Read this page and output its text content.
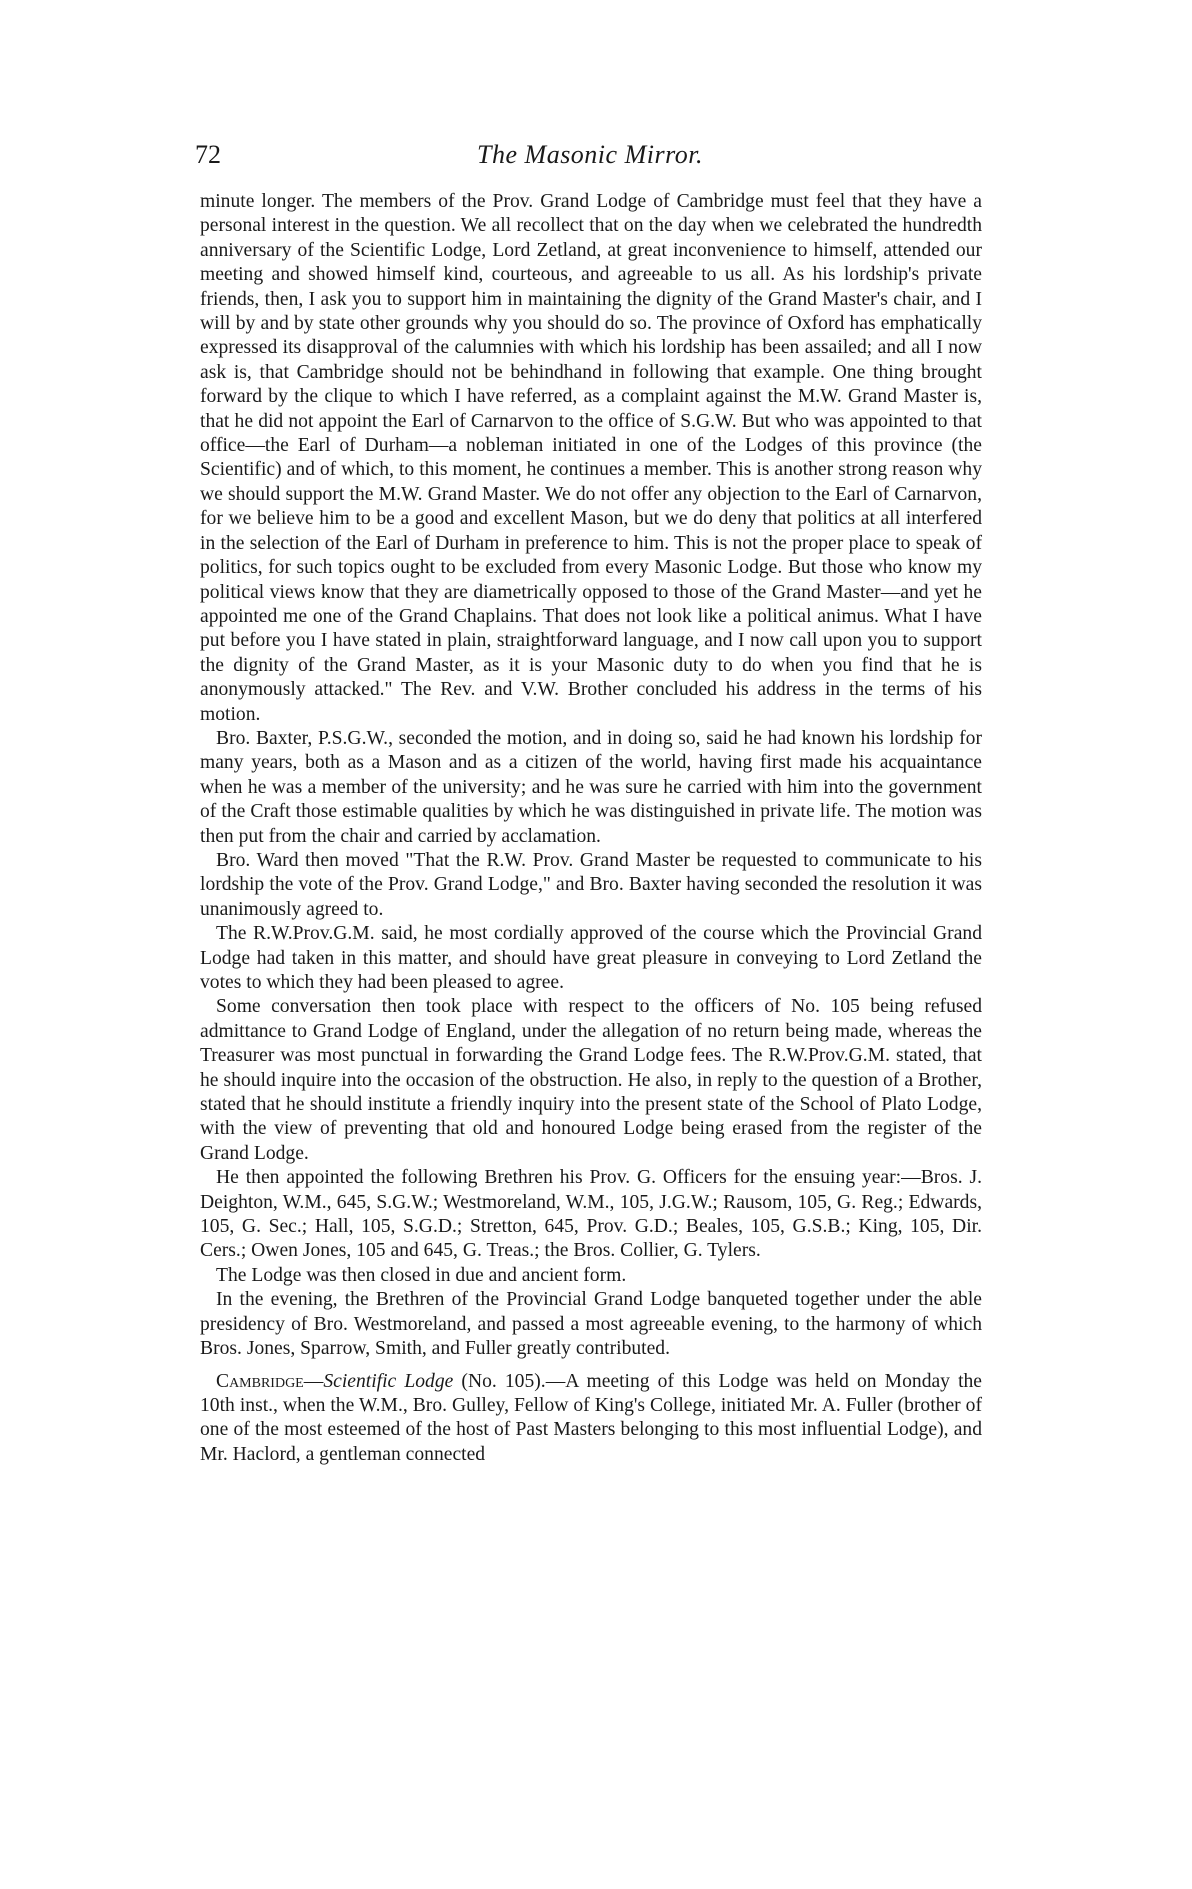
72	The Masonic Mirror.

minute longer. The members of the Prov. Grand Lodge of Cambridge must feel that they have a personal interest in the question. We all recollect that on the day when we celebrated the hundredth anniversary of the Scientific Lodge, Lord Zetland, at great inconvenience to himself, attended our meeting and showed himself kind, courteous, and agreeable to us all. As his lordship's private friends, then, I ask you to support him in maintaining the dignity of the Grand Master's chair, and I will by and by state other grounds why you should do so. The province of Oxford has emphatically expressed its disapproval of the calumnies with which his lordship has been assailed; and all I now ask is, that Cambridge should not be behindhand in following that example. One thing brought forward by the clique to which I have referred, as a complaint against the M.W. Grand Master is, that he did not appoint the Earl of Carnarvon to the office of S.G.W. But who was appointed to that office—the Earl of Durham—a nobleman initiated in one of the Lodges of this province (the Scientific) and of which, to this moment, he continues a member. This is another strong reason why we should support the M.W. Grand Master. We do not offer any objection to the Earl of Carnarvon, for we believe him to be a good and excellent Mason, but we do deny that politics at all interfered in the selection of the Earl of Durham in preference to him. This is not the proper place to speak of politics, for such topics ought to be excluded from every Masonic Lodge. But those who know my political views know that they are diametrically opposed to those of the Grand Master—and yet he appointed me one of the Grand Chaplains. That does not look like a political animus. What I have put before you I have stated in plain, straightforward language, and I now call upon you to support the dignity of the Grand Master, as it is your Masonic duty to do when you find that he is anonymously attacked." The Rev. and V.W. Brother concluded his address in the terms of his motion.

Bro. Baxter, P.S.G.W., seconded the motion, and in doing so, said he had known his lordship for many years, both as a Mason and as a citizen of the world, having first made his acquaintance when he was a member of the university; and he was sure he carried with him into the government of the Craft those estimable qualities by which he was distinguished in private life. The motion was then put from the chair and carried by acclamation.

Bro. Ward then moved "That the R.W. Prov. Grand Master be requested to communicate to his lordship the vote of the Prov. Grand Lodge," and Bro. Baxter having seconded the resolution it was unanimously agreed to.

The R.W.Prov.G.M. said, he most cordially approved of the course which the Provincial Grand Lodge had taken in this matter, and should have great pleasure in conveying to Lord Zetland the votes to which they had been pleased to agree.

Some conversation then took place with respect to the officers of No. 105 being refused admittance to Grand Lodge of England, under the allegation of no return being made, whereas the Treasurer was most punctual in forwarding the Grand Lodge fees. The R.W.Prov.G.M. stated, that he should inquire into the occasion of the obstruction. He also, in reply to the question of a Brother, stated that he should institute a friendly inquiry into the present state of the School of Plato Lodge, with the view of preventing that old and honoured Lodge being erased from the register of the Grand Lodge.

He then appointed the following Brethren his Prov. G. Officers for the ensuing year:—Bros. J. Deighton, W.M., 645, S.G.W.; Westmoreland, W.M., 105, J.G.W.; Rausom, 105, G. Reg.; Edwards, 105, G. Sec.; Hall, 105, S.G.D.; Stretton, 645, Prov. G.D.; Beales, 105, G.S.B.; King, 105, Dir. Cers.; Owen Jones, 105 and 645, G. Treas.; the Bros. Collier, G. Tylers.

The Lodge was then closed in due and ancient form.

In the evening, the Brethren of the Provincial Grand Lodge banqueted together under the able presidency of Bro. Westmoreland, and passed a most agreeable evening, to the harmony of which Bros. Jones, Sparrow, Smith, and Fuller greatly contributed.

Cambridge—Scientific Lodge (No. 105).—A meeting of this Lodge was held on Monday the 10th inst., when the W.M., Bro. Gulley, Fellow of King's College, initiated Mr. A. Fuller (brother of one of the most esteemed of the host of Past Masters belonging to this most influential Lodge), and Mr. Haclord, a gentleman connected
